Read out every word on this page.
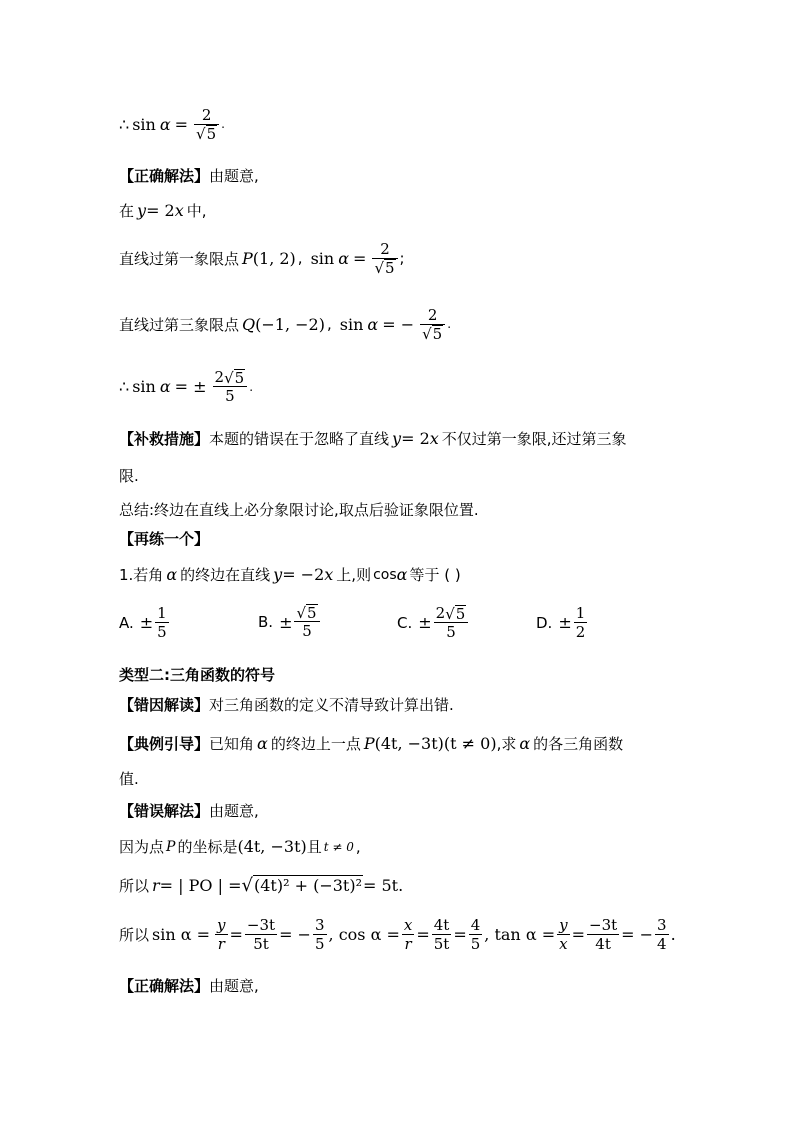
∴ $\sin \alpha = \frac{2}{√ 5}$ .
【正确解法】 由题意,
在 y = 2 x 中,
直线过第一象限点 P (1, 2) , $\sin \alpha = \frac{2}{√ 5}$ ;
直线过第三象限点 Q (−1, −2) , sin α = − $\frac{2}{√ 5}$ .
∴ sin α = ± $\frac{2 √ 5}{5}$ .
【补救措施】 本题的错误在于忽略了直线 y = 2 x 不仅过第一象限,还过第三象
限.
总结:终边在直线上必分象限讨论,取点后验证象限位置.
【再练一个】
1.若角 α 的终边在直线 y = −2 x 上,则 cos α 等于 ( )
A. ± $\frac{1}{5}$	B. ± $\frac{√ 5}{5}$	C. ± $\frac{2 √ 5}{5}$	D. ± $\frac{1}{2}$
类型二:三角函数的符号
【错因解读】 对三角函数的定义不清导致计算出错.
【典例引导】 已知角 α 的终边上一点 P (4t, −3t)(t ≠ 0) ,求 α 的各三角函数
值.
【错误解法】 由题意,
因为点 P 的坐标是 (4t, −3t) 且 t ≠ 0 ,
所以 r = | PO | = √ (4t)² + (−3t)² = 5t .
所以 $\sin \alpha = \frac{y}{r} = \frac{-3t}{5t}$ = − $\frac{3}{5}$ , $\cos \alpha = \frac{x}{r} = \frac{4t}{5t} = \frac{4}{5}$ , $\tan \alpha = \frac{y}{x} = \frac{-3t}{4t}$ = − $\frac{3}{4}$ .
【正确解法】 由题意,
